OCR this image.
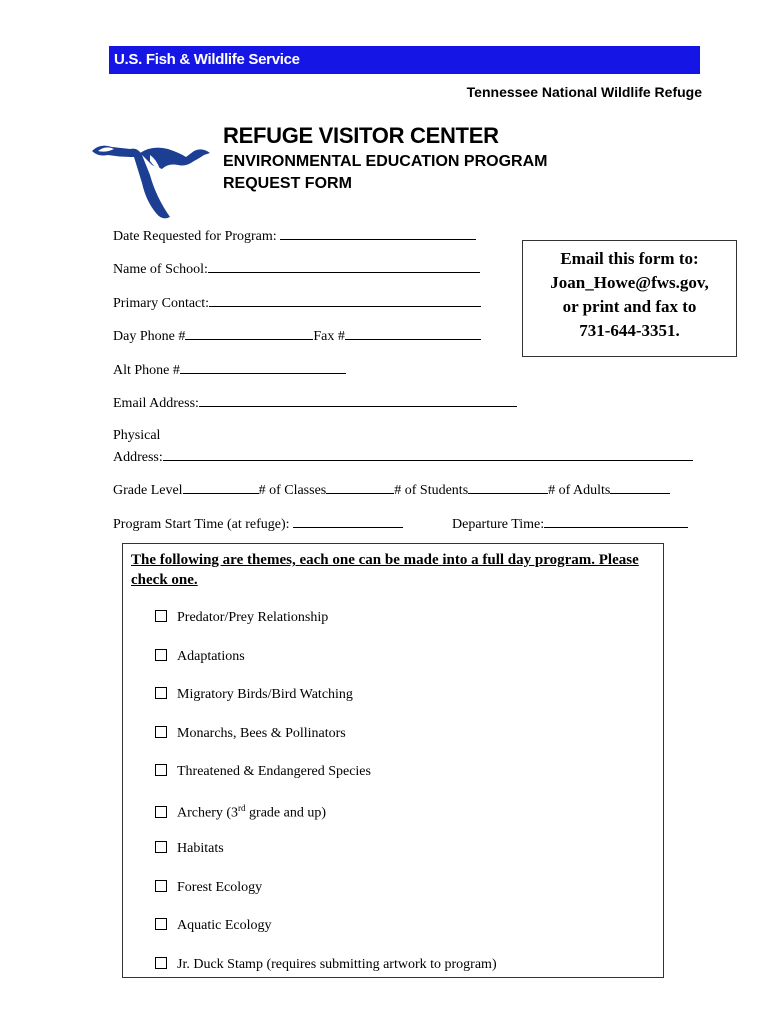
U.S. Fish & Wildlife Service
Tennessee National Wildlife Refuge
REFUGE VISITOR CENTER
ENVIRONMENTAL EDUCATION PROGRAM
REQUEST FORM
Date Requested for Program:
Name of School:
Primary Contact:
Day Phone #	Fax #
Alt Phone #
Email Address:
Physical
Address:
Grade Level	# of Classes	# of Students	# of Adults
Program Start Time (at refuge):	Departure Time:
Email this form to:
Joan_Howe@fws.gov,
or print and fax to
731-644-3351.
The following are themes, each one can be made into a full day program. Please check one.
Predator/Prey Relationship
Adaptations
Migratory Birds/Bird Watching
Monarchs, Bees & Pollinators
Threatened & Endangered Species
Archery (3rd grade and up)
Habitats
Forest Ecology
Aquatic Ecology
Jr. Duck Stamp (requires submitting artwork to program)
